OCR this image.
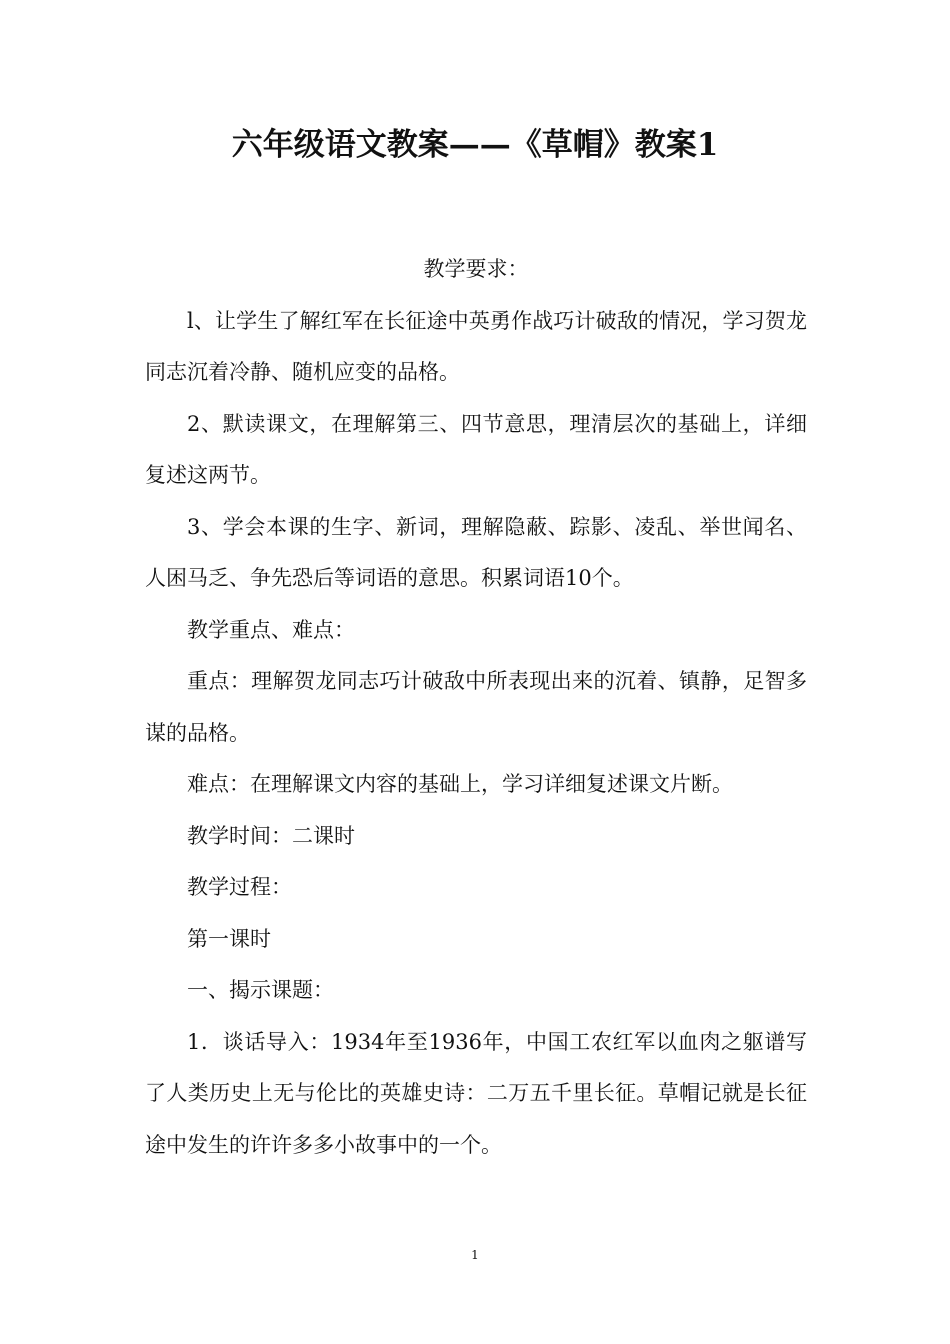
六年级语文教案——《草帽》教案1

教学要求：

l、让学生了解红军在长征途中英勇作战巧计破敌的情况，学习贺龙同志沉着冷静、随机应变的品格。

2、默读课文，在理解第三、四节意思，理清层次的基础上，详细复述这两节。

3、学会本课的生字、新词，理解隐蔽、踪影、凌乱、举世闻名、人困马乏、争先恐后等词语的意思。积累词语10个。

教学重点、难点：

重点：理解贺龙同志巧计破敌中所表现出来的沉着、镇静，足智多谋的品格。

难点：在理解课文内容的基础上，学习详细复述课文片断。

教学时间：二课时

教学过程：

第一课时

一、揭示课题：

1．谈话导入：1934年至1936年，中国工农红军以血肉之躯谱写了人类历史上无与伦比的英雄史诗：二万五千里长征。草帽记就是长征途中发生的许许多多小故事中的一个。

1
